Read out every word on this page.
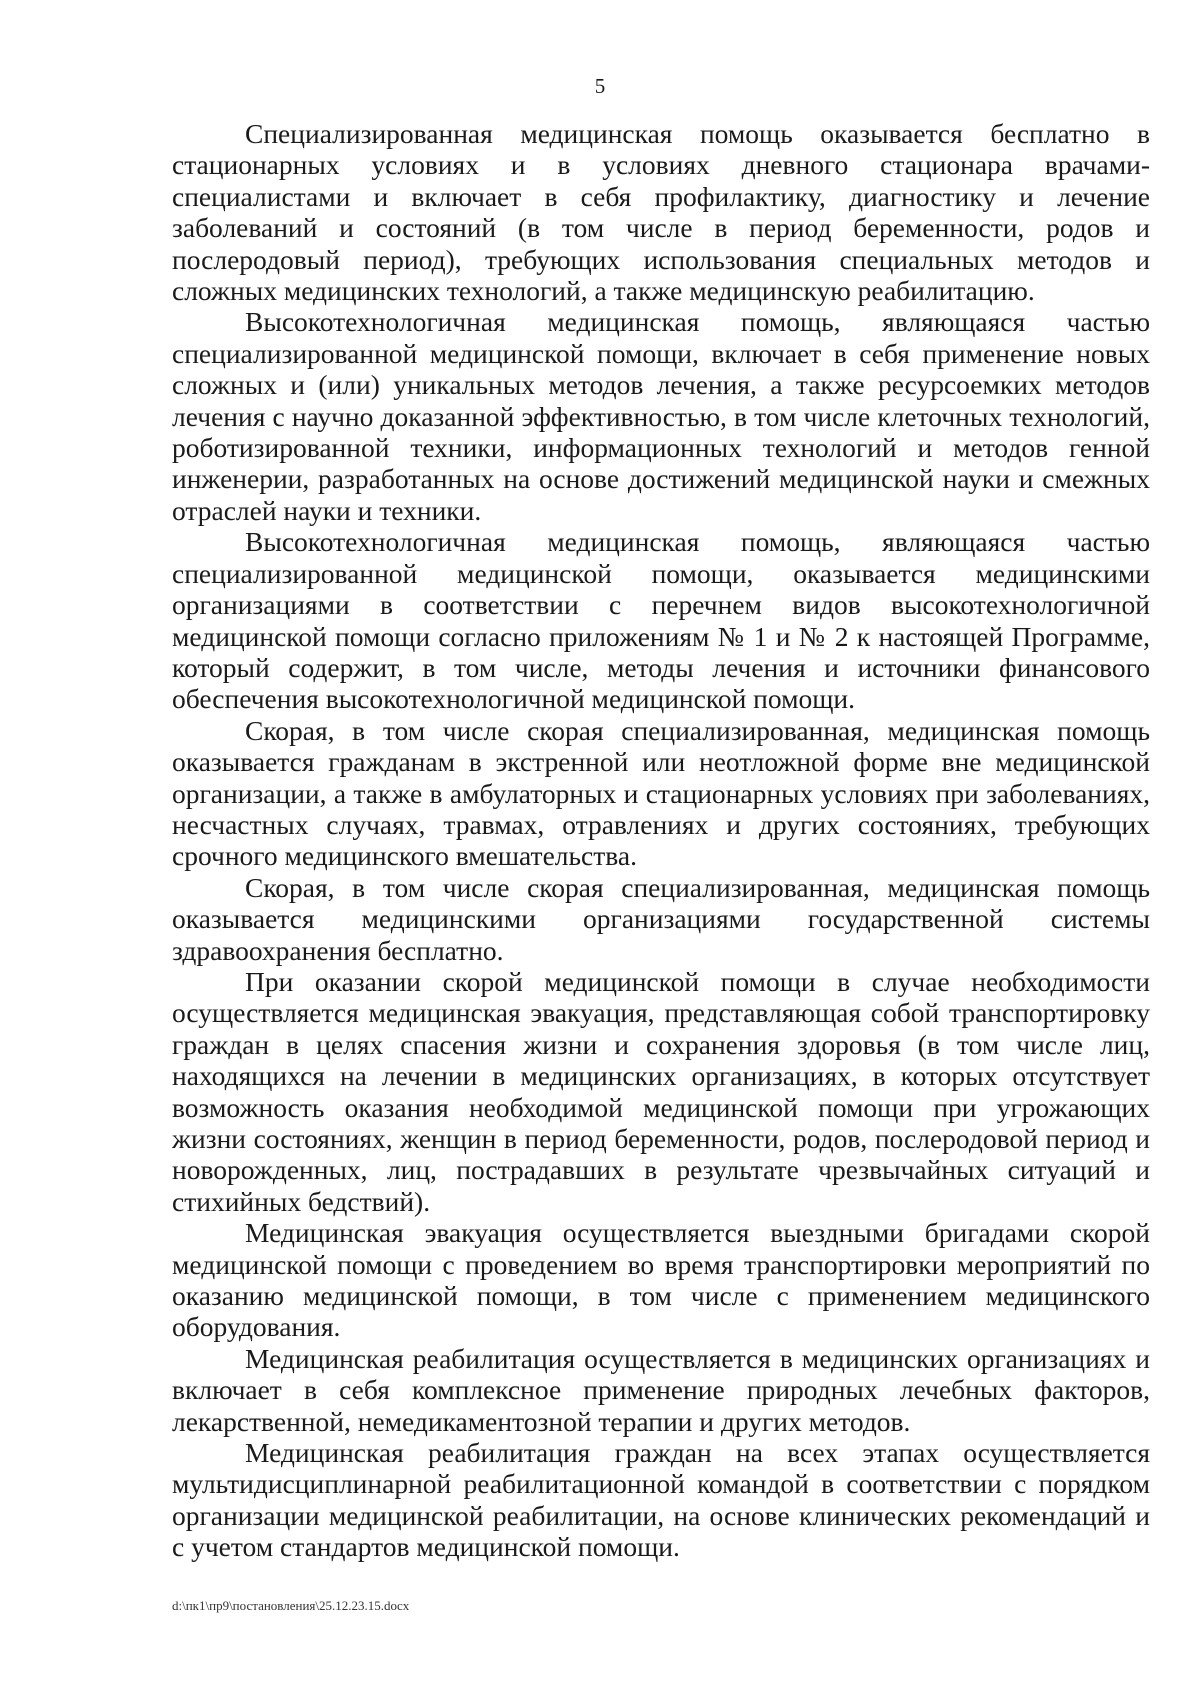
5

Специализированная медицинская помощь оказывается бесплатно в стационарных условиях и в условиях дневного стационара врачами-специалистами и включает в себя профилактику, диагностику и лечение заболеваний и состояний (в том числе в период беременности, родов и послеродовый период), требующих использования специальных методов и сложных медицинских технологий, а также медицинскую реабилитацию.

Высокотехнологичная медицинская помощь, являющаяся частью специализированной медицинской помощи, включает в себя применение новых сложных и (или) уникальных методов лечения, а также ресурсоемких методов лечения с научно доказанной эффективностью, в том числе клеточных технологий, роботизированной техники, информационных технологий и методов генной инженерии, разработанных на основе достижений медицинской науки и смежных отраслей науки и техники.

Высокотехнологичная медицинская помощь, являющаяся частью специализированной медицинской помощи, оказывается медицинскими организациями в соответствии с перечнем видов высокотехнологичной медицинской помощи согласно приложениям № 1 и № 2 к настоящей Программе, который содержит, в том числе, методы лечения и источники финансового обеспечения высокотехнологичной медицинской помощи.

Скорая, в том числе скорая специализированная, медицинская помощь оказывается гражданам в экстренной или неотложной форме вне медицинской организации, а также в амбулаторных и стационарных условиях при заболеваниях, несчастных случаях, травмах, отравлениях и других состояниях, требующих срочного медицинского вмешательства.

Скорая, в том числе скорая специализированная, медицинская помощь оказывается медицинскими организациями государственной системы здравоохранения бесплатно.

При оказании скорой медицинской помощи в случае необходимости осуществляется медицинская эвакуация, представляющая собой транспортировку граждан в целях спасения жизни и сохранения здоровья (в том числе лиц, находящихся на лечении в медицинских организациях, в которых отсутствует возможность оказания необходимой медицинской помощи при угрожающих жизни состояниях, женщин в период беременности, родов, послеродовой период и новорожденных, лиц, пострадавших в результате чрезвычайных ситуаций и стихийных бедствий).

Медицинская эвакуация осуществляется выездными бригадами скорой медицинской помощи с проведением во время транспортировки мероприятий по оказанию медицинской помощи, в том числе с применением медицинского оборудования.

Медицинская реабилитация осуществляется в медицинских организациях и включает в себя комплексное применение природных лечебных факторов, лекарственной, немедикаментозной терапии и других методов.

Медицинская реабилитация граждан на всех этапах осуществляется мультидисциплинарной реабилитационной командой в соответствии с порядком организации медицинской реабилитации, на основе клинических рекомендаций и с учетом стандартов медицинской помощи.

d:\пк1\пр9\постановления\25.12.23.15.docx
